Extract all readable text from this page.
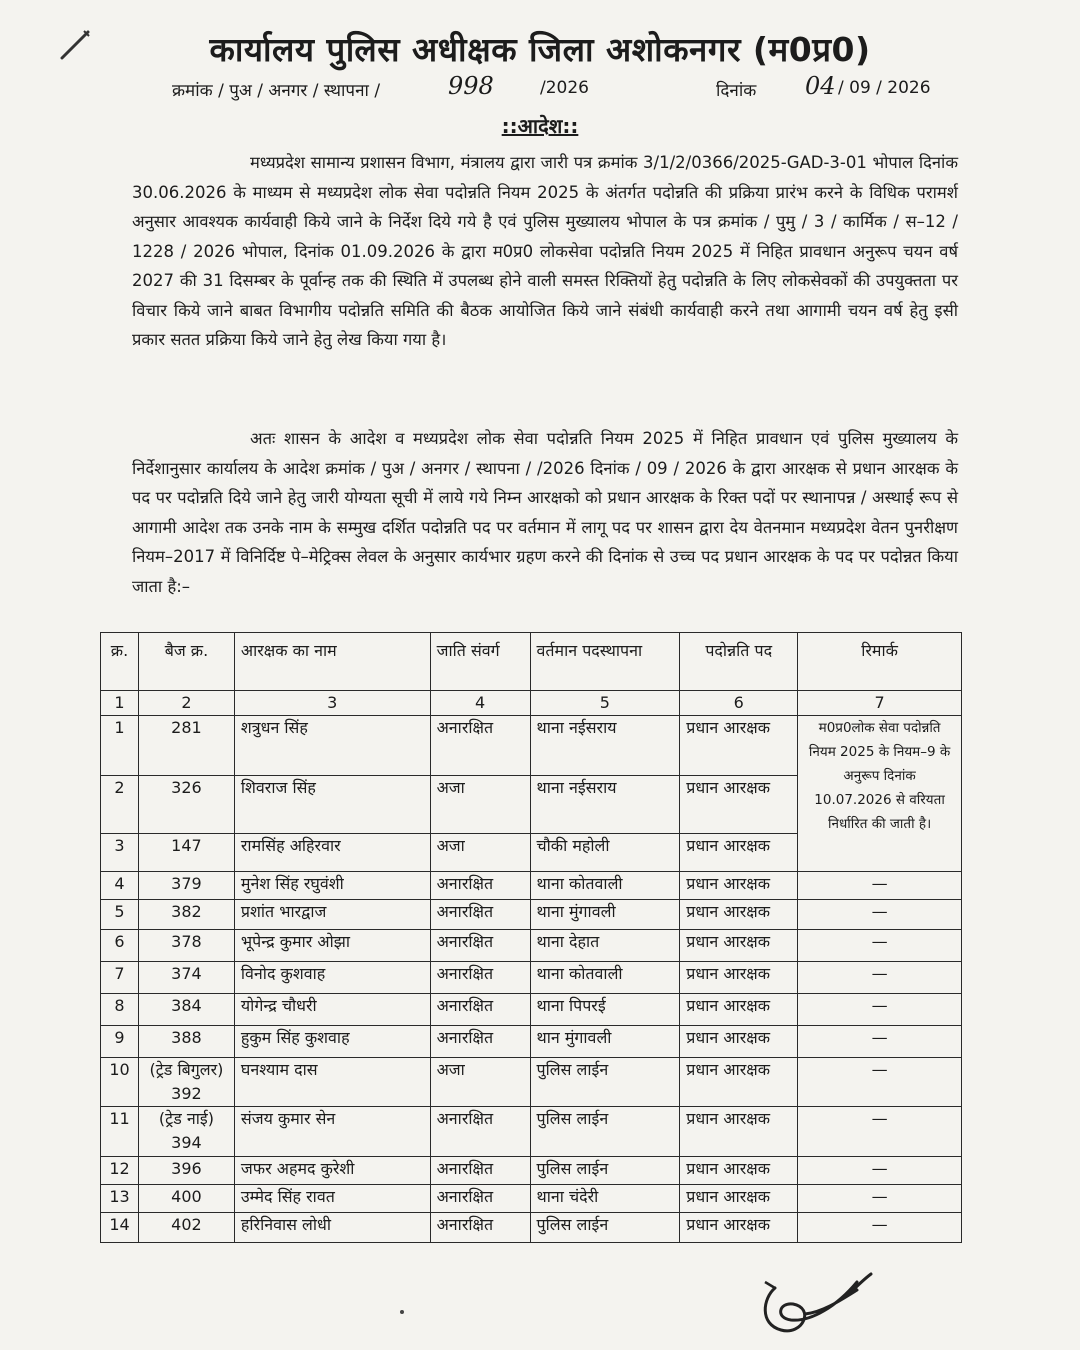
कार्यालय पुलिस अधीक्षक जिला अशोकनगर (म0प्र0)
क्रमांक / पुअ / अनगर / स्थापना /	998	/2026	दिनांक 04 / 09 / 2026
::आदेश::
मध्यप्रदेश सामान्य प्रशासन विभाग, मंत्रालय द्वारा जारी पत्र क्रमांक 3/1/2/0366/2025-GAD-3-01 भोपाल दिनांक 30.06.2026 के माध्यम से मध्यप्रदेश लोक सेवा पदोन्नति नियम 2025 के अंतर्गत पदोन्नति की प्रक्रिया प्रारंभ करने के विधिक परामर्श अनुसार आवश्यक कार्यवाही किये जाने के निर्देश दिये गये है एवं पुलिस मुख्यालय भोपाल के पत्र क्रमांक / पुमु / 3 / कार्मिक / स–12 / 1228 / 2026 भोपाल, दिनांक 01.09.2026 के द्वारा म0प्र0 लोकसेवा पदोन्नति नियम 2025 में निहित प्रावधान अनुरूप चयन वर्ष 2027 की 31 दिसम्बर के पूर्वान्ह तक की स्थिति में उपलब्ध होने वाली समस्त रिक्तियों हेतु पदोन्नति के लिए लोकसेवकों की उपयुक्तता पर विचार किये जाने बाबत विभागीय पदोन्नति समिति की बैठक आयोजित किये जाने संबंधी कार्यवाही करने तथा आगामी चयन वर्ष हेतु इसी प्रकार सतत प्रक्रिया किये जाने हेतु लेख किया गया है।
अतः शासन के आदेश व मध्यप्रदेश लोक सेवा पदोन्नति नियम 2025 में निहित प्रावधान एवं पुलिस मुख्यालय के निर्देशानुसार कार्यालय के आदेश क्रमांक / पुअ / अनगर / स्थापना / /2026 दिनांक / 09 / 2026 के द्वारा आरक्षक से प्रधान आरक्षक के पद पर पदोन्नति दिये जाने हेतु जारी योग्यता सूची में लाये गये निम्न आरक्षको को प्रधान आरक्षक के रिक्त पदों पर स्थानापन्न / अस्थाई रूप से आगामी आदेश तक उनके नाम के सम्मुख दर्शित पदोन्नति पद पर वर्तमान में लागू पद पर शासन द्वारा देय वेतनमान मध्यप्रदेश वेतन पुनरीक्षण नियम–2017 में विनिर्दिष्ट पे–मेट्रिक्स लेवल के अनुसार कार्यभार ग्रहण करने की दिनांक से उच्च पद प्रधान आरक्षक के पद पर पदोन्नत किया जाता है:–
क्र.	बैज क्र.	आरक्षक का नाम	जाति संवर्ग	वर्तमान पदस्थापना	पदोन्नति पद	रिमार्क
1	2	3	4	5	6	7
1	281	शत्रुधन सिंह	अनारक्षित	थाना नईसराय	प्रधान आरक्षक	म0प्र0लोक सेवा पदोन्नति नियम 2025 के नियम–9 के अनुरूप दिनांक 10.07.2026 से वरियता निर्धारित की जाती है।
2	326	शिवराज सिंह	अजा	थाना नईसराय	प्रधान आरक्षक	
3	147	रामसिंह अहिरवार	अजा	चौकी महोली	प्रधान आरक्षक	
4	379	मुनेश सिंह रघुवंशी	अनारक्षित	थाना कोतवाली	प्रधान आरक्षक	—
5	382	प्रशांत भारद्वाज	अनारक्षित	थाना मुंगावली	प्रधान आरक्षक	—
6	378	भूपेन्द्र कुमार ओझा	अनारक्षित	थाना देहात	प्रधान आरक्षक	—
7	374	विनोद कुशवाह	अनारक्षित	थाना कोतवाली	प्रधान आरक्षक	—
8	384	योगेन्द्र चौधरी	अनारक्षित	थाना पिपरई	प्रधान आरक्षक	—
9	388	हुकुम सिंह कुशवाह	अनारक्षित	थान मुंगावली	प्रधान आरक्षक	—
10	(ट्रेड बिगुलर) 392	घनश्याम दास	अजा	पुलिस लाईन	प्रधान आरक्षक	—
11	(ट्रेड नाई) 394	संजय कुमार सेन	अनारक्षित	पुलिस लाईन	प्रधान आरक्षक	—
12	396	जफर अहमद कुरेशी	अनारक्षित	पुलिस लाईन	प्रधान आरक्षक	—
13	400	उम्मेद सिंह रावत	अनारक्षित	थाना चंदेरी	प्रधान आरक्षक	—
14	402	हरिनिवास लोधी	अनारक्षित	पुलिस लाईन	प्रधान आरक्षक	—
